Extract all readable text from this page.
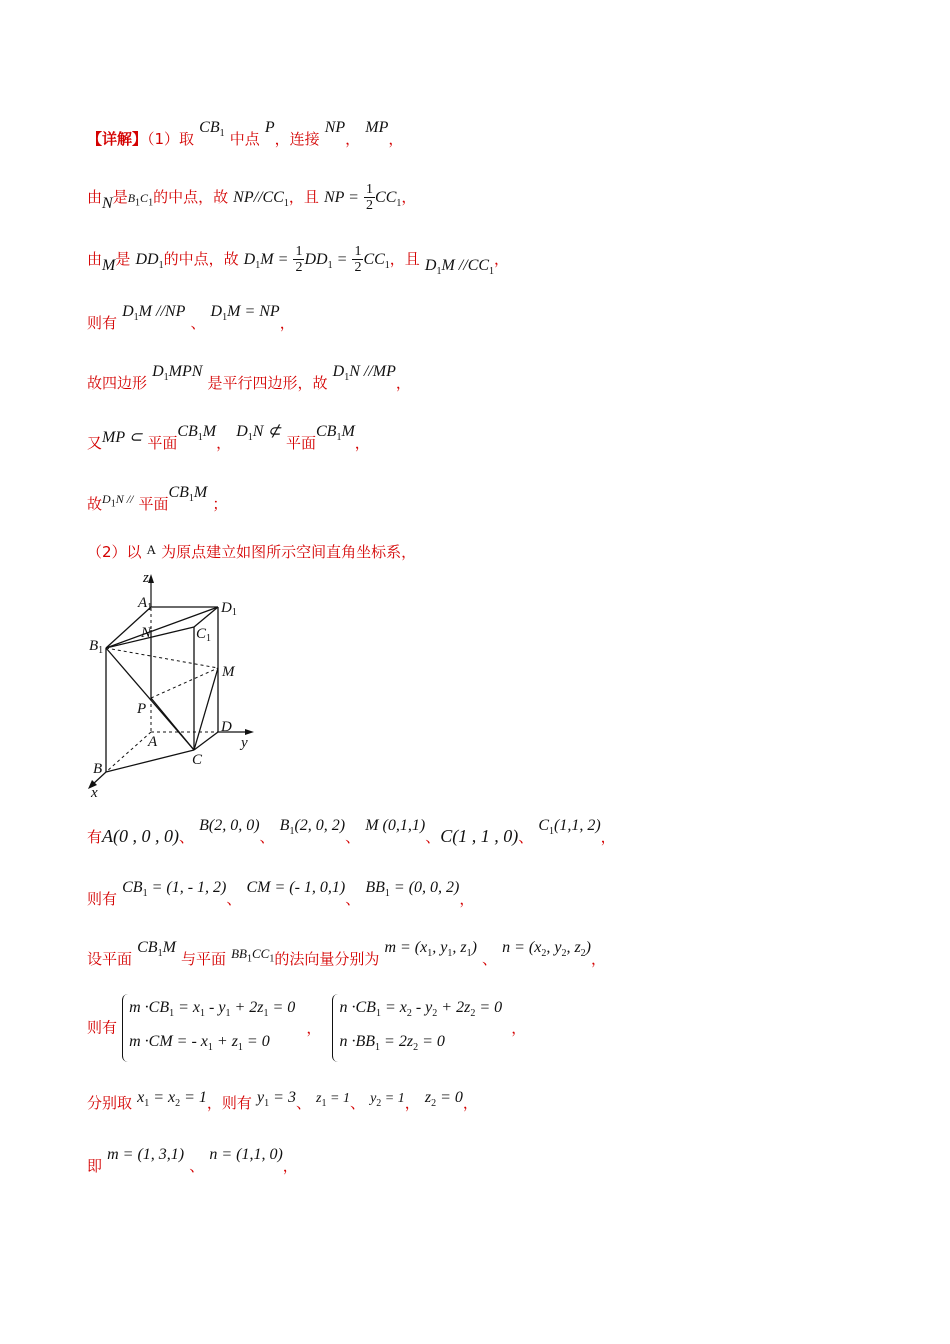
【详解】（1）取 $CB_1$ 中点 P，连接 NP， MP，
由N是$B_1C_1$的中点，故 $NP//CC_1$，且 NP = $\frac{1}{2} CC_1$，
由M是 $DD_1$的中点，故 $D_1M = \frac{1}{2} DD_1 = \frac{1}{2} CC_1$，且 $D_1M$ $//CC_1$，
则有 $D_1M$ //NP 、 $D_1M$ = NP，
故四边形 $D_1MPN$ 是平行四边形，故 $D_1N$ //MP，
又MP ⊂ 平面$CB_1M$， $D_1N$ ⊄ 平面$CB_1M$，
故$^{D_1N //}$ 平面$CB_1M$ ；
（2）以 A 为原点建立如图所示空间直角坐标系，
z
y
x
$A_1$	$D_1$
N	$C_1$
$B_1$
M
P
D
A
B
C
有A(0 , 0 , 0)、 B(2, 0, 0)、 $B_1(2$, 0, 2)、 M (0,1,1)、C(1 , 1 , 0)、 $C_1(1,1$, 2)，
则有 $CB_1 = (1$, - 1, 2)、 CM = (- 1, 0,1)、 $BB_1 = (0$, 0, 2)，
设平面 $CB_1M$ 与平面 $^{BB_1CC_1}$的法向量分别为 $m = (x_1$, $y_1$, $z_1$) 、 $n = (x_2$, $y_2$, $z_2$)，
则有
$m \cdot CB_1 = x_1 - y_1 + 2z_1 = 0$
m ·CM = - $x_1 + z_1 = 0$
，
$n \cdot CB_1 = x_2 - y_2 + 2z_2 = 0$
$n \cdot BB_1 = 2z_2 = 0$
，
分别取 $x_1 = x_2 = 1$，则有 $y_1 = 3$、 $z_1 = 1$、 $y_2 = 1$， $z_2 = 0$，
即 m = (1, 3,1) 、 n = (1,1, 0)，
